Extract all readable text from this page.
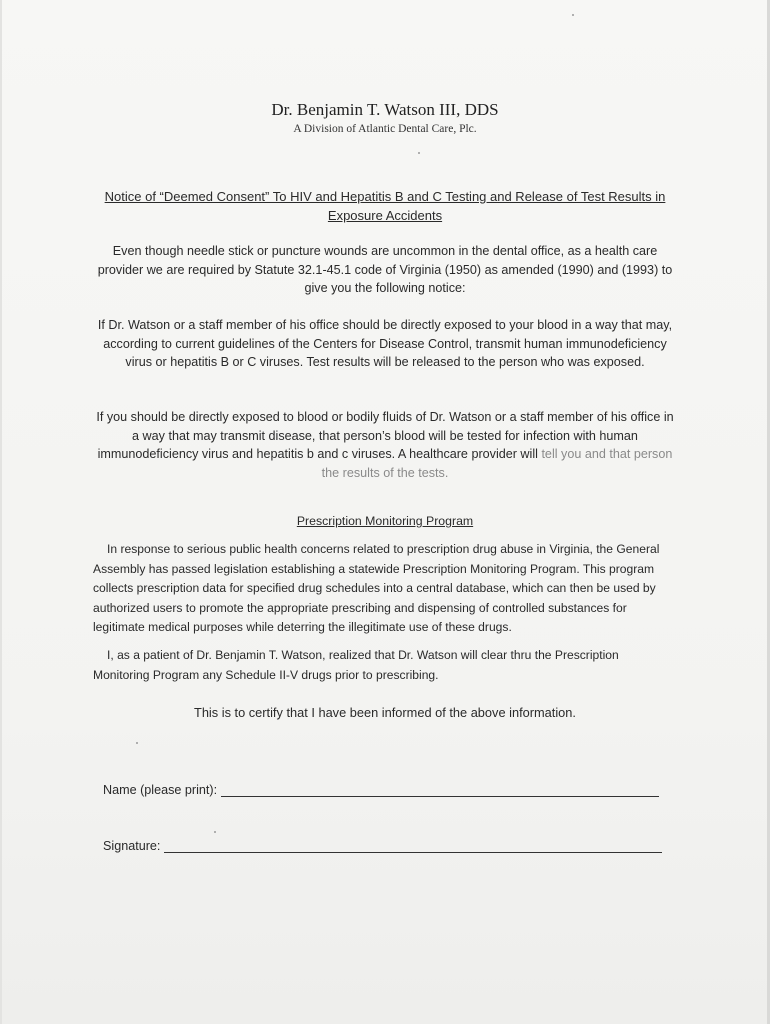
Dr. Benjamin T. Watson III, DDS
A Division of Atlantic Dental Care, Plc.
Notice of “Deemed Consent” To HIV and Hepatitis B and C Testing and Release of Test Results in Exposure Accidents
Even though needle stick or puncture wounds are uncommon in the dental office, as a health care provider we are required by Statute 32.1-45.1 code of Virginia (1950) as amended (1990) and (1993) to give you the following notice:
If Dr. Watson or a staff member of his office should be directly exposed to your blood in a way that may, according to current guidelines of the Centers for Disease Control, transmit human immunodeficiency virus or hepatitis B or C viruses. Test results will be released to the person who was exposed.
If you should be directly exposed to blood or bodily fluids of Dr. Watson or a staff member of his office in a way that may transmit disease, that person’s blood will be tested for infection with human immunodeficiency virus and hepatitis b and c viruses. A healthcare provider will tell you and that person the results of the tests.
Prescription Monitoring Program
In response to serious public health concerns related to prescription drug abuse in Virginia, the General Assembly has passed legislation establishing a statewide Prescription Monitoring Program. This program collects prescription data for specified drug schedules into a central database, which can then be used by authorized users to promote the appropriate prescribing and dispensing of controlled substances for legitimate medical purposes while deterring the illegitimate use of these drugs.
I, as a patient of Dr. Benjamin T. Watson, realized that Dr. Watson will clear thru the Prescription Monitoring Program any Schedule II-V drugs prior to prescribing.
This is to certify that I have been informed of the above information.
Name (please print):
Signature:
